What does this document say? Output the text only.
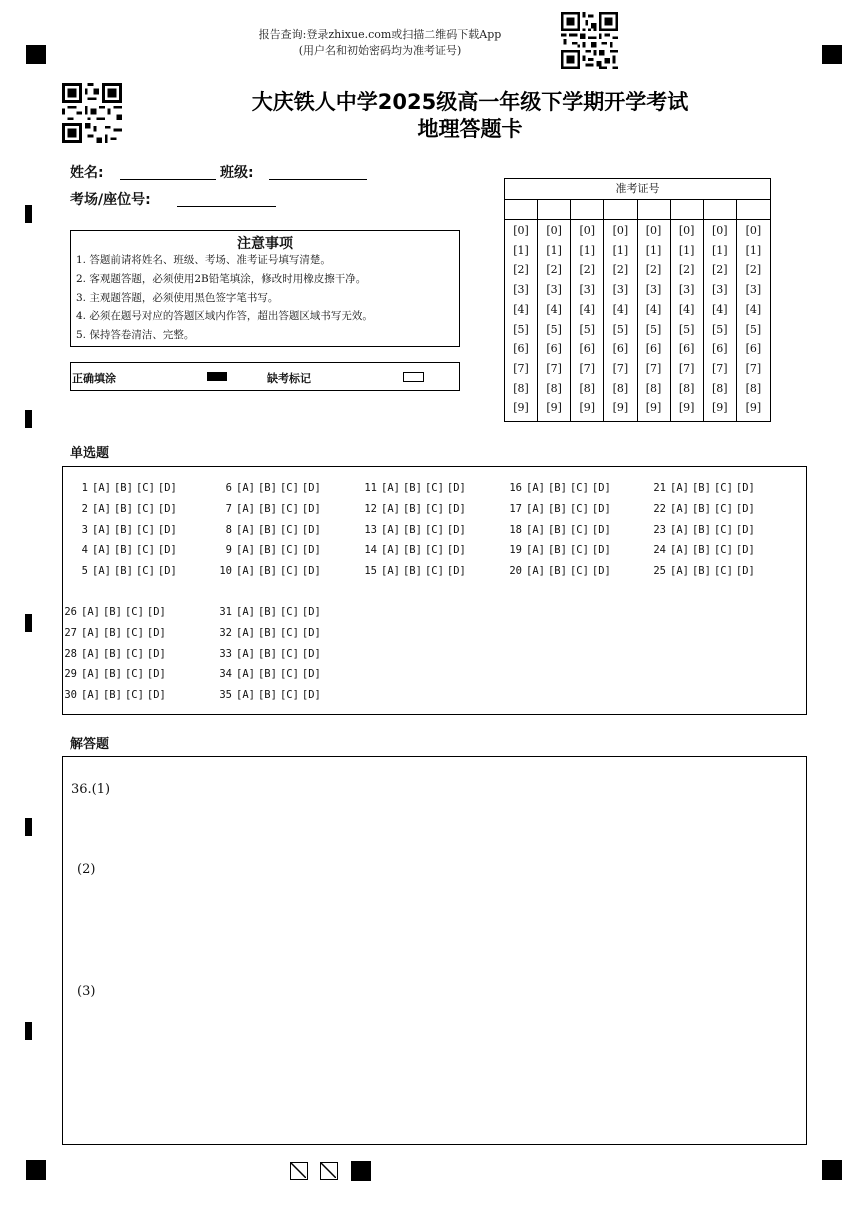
报告查询:登录zhixue.com或扫描二维码下载App
(用户名和初始密码均为准考证号)
大庆铁人中学2025级高一年级下学期开学考试
地理答题卡
姓名:	班级:
考场/座位号:
注意事项
1. 答题前请将姓名、班级、考场、准考证号填写清楚。
2. 客观题答题，必须使用2B铅笔填涂，修改时用橡皮擦干净。
3. 主观题答题，必须使用黑色签字笔书写。
4. 必须在题号对应的答题区域内作答，超出答题区域书写无效。
5. 保持答卷清洁、完整。
正确填涂	缺考标记
准考证号
[0]
[1]
[2]
[3]
[4]
[5]
[6]
[7]
[8]
[9]
[0]
[1]
[2]
[3]
[4]
[5]
[6]
[7]
[8]
[9]
[0]
[1]
[2]
[3]
[4]
[5]
[6]
[7]
[8]
[9]
[0]
[1]
[2]
[3]
[4]
[5]
[6]
[7]
[8]
[9]
[0]
[1]
[2]
[3]
[4]
[5]
[6]
[7]
[8]
[9]
[0]
[1]
[2]
[3]
[4]
[5]
[6]
[7]
[8]
[9]
[0]
[1]
[2]
[3]
[4]
[5]
[6]
[7]
[8]
[9]
[0]
[1]
[2]
[3]
[4]
[5]
[6]
[7]
[8]
[9]
单选题
1 [A] [B] [C] [D]
2 [A] [B] [C] [D]
3 [A] [B] [C] [D]
4 [A] [B] [C] [D]
5 [A] [B] [C] [D]
6 [A] [B] [C] [D]
7 [A] [B] [C] [D]
8 [A] [B] [C] [D]
9 [A] [B] [C] [D]
10 [A] [B] [C] [D]
11 [A] [B] [C] [D]
12 [A] [B] [C] [D]
13 [A] [B] [C] [D]
14 [A] [B] [C] [D]
15 [A] [B] [C] [D]
16 [A] [B] [C] [D]
17 [A] [B] [C] [D]
18 [A] [B] [C] [D]
19 [A] [B] [C] [D]
20 [A] [B] [C] [D]
21 [A] [B] [C] [D]
22 [A] [B] [C] [D]
23 [A] [B] [C] [D]
24 [A] [B] [C] [D]
25 [A] [B] [C] [D]
26 [A] [B] [C] [D]
27 [A] [B] [C] [D]
28 [A] [B] [C] [D]
29 [A] [B] [C] [D]
30 [A] [B] [C] [D]
31 [A] [B] [C] [D]
32 [A] [B] [C] [D]
33 [A] [B] [C] [D]
34 [A] [B] [C] [D]
35 [A] [B] [C] [D]
解答题
36.(1)
(2)
(3)
